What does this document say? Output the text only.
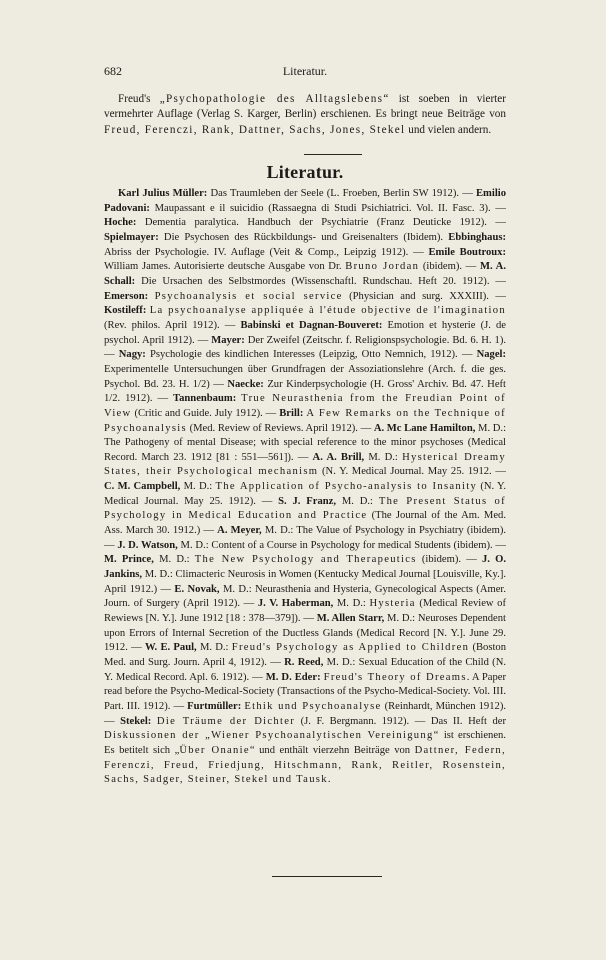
682	Literatur.

Freud's „Psychopathologie des Alltagslebens“ ist soeben in vierter vermehrter Auflage (Verlag S. Karger, Berlin) erschienen. Es bringt neue Beiträge von Freud, Ferenczi, Rank, Dattner, Sachs, Jones, Stekel und vielen andern.

Literatur.

Karl Julius Müller: Das Traumleben der Seele (L. Froeben, Berlin SW 1912). — Emilio Padovani: Maupassant e il suicidio (Rassaegna di Studi Psichiatrici. Vol. II. Fasc. 3). — Hoche: Dementia paralytica. Handbuch der Psychiatrie (Franz Deuticke 1912). — Spielmayer: Die Psychosen des Rückbildungs- und Greisenalters (Ibidem). Ebbinghaus: Abriss der Psychologie. IV. Auflage (Veit & Comp., Leipzig 1912). — Emile Boutroux: William James. Autorisierte deutsche Ausgabe von Dr. Bruno Jordan (ibidem). — M. A. Schall: Die Ursachen des Selbstmordes (Wissenschaftl. Rundschau. Heft 20. 1912). — Emerson: Psychoanalysis et social service (Physician and surg. XXXIII). — Kostileff: La psychoanalyse appliquée à l'étude objective de l'imagination (Rev. philos. April 1912). — Babinski et Dagnan-Bouveret: Emotion et hysterie (J. de psychol. April 1912). — Mayer: Der Zweifel (Zeitschr. f. Religionspsychologie. Bd. 6. H. 1). — Nagy: Psychologie des kindlichen Interesses (Leipzig, Otto Nemnich, 1912). — Nagel: Experimentelle Untersuchungen über Grundfragen der Assoziationslehre (Arch. f. die ges. Psychol. Bd. 23. H. 1/2) — Naecke: Zur Kinderpsychologie (H. Gross' Archiv. Bd. 47. Heft 1/2. 1912). — Tannenbaum: True Neurasthenia from the Freudian Point of View (Critic and Guide. July 1912). — Brill: A Few Remarks on the Technique of Psychoanalysis (Med. Review of Reviews. April 1912). — A. Mc Lane Hamilton, M. D.: The Pathogeny of mental Disease; with special reference to the minor psychoses (Medical Record. March 23. 1912 [81 : 551—561]). — A. A. Brill, M. D.: Hysterical Dreamy States, their Psychological mechanism (N. Y. Medical Journal. May 25. 1912. — C. M. Campbell, M. D.: The Application of Psycho-analysis to Insanity (N. Y. Medical Journal. May 25. 1912). — S. J. Franz, M. D.: The Present Status of Psychology in Medical Education and Practice (The Journal of the Am. Med. Ass. March 30. 1912.) — A. Meyer, M. D.: The Value of Psychology in Psychiatry (ibidem). — J. D. Watson, M. D.: Content of a Course in Psychology for medical Students (ibidem). — M. Prince, M. D.: The New Psychology and Therapeutics (ibidem). — J. O. Jankins, M. D.: Climacteric Neurosis in Women (Kentucky Medical Journal [Louisville, Ky.]. April 1912.) — E. Novak, M. D.: Neurasthenia and Hysteria, Gynecological Aspects (Amer. Journ. of Surgery (April 1912). — J. V. Haberman, M. D.: Hysteria (Medical Review of Rewiews [N. Y.]. June 1912 [18 : 378—379]). — M. Allen Starr, M. D.: Neuroses Dependent upon Errors of Internal Secretion of the Ductless Glands (Medical Record [N. Y.]. June 29. 1912. — W. E. Paul, M. D.: Freud's Psychology as Applied to Children (Boston Med. and Surg. Journ. April 4, 1912). — R. Reed, M. D.: Sexual Education of the Child (N. Y. Medical Record. Apl. 6. 1912). — M. D. Eder: Freud's Theory of Dreams. A Paper read before the Psycho-Medical-Society (Transactions of the Psycho-Medical-Society. Vol. III. Part. III. 1912). — Furtmüller: Ethik und Psychoanalyse (Reinhardt, München 1912). — Stekel: Die Träume der Dichter (J. F. Bergmann. 1912). — Das II. Heft der Diskussionen der „Wiener Psychoanalytischen Vereinigung“ ist erschienen. Es betitelt sich „Über Onanie“ und enthält vierzehn Beiträge von Dattner, Federn, Ferenczi, Freud, Friedjung, Hitschmann, Rank, Reitler, Rosenstein, Sachs, Sadger, Steiner, Stekel und Tausk.
